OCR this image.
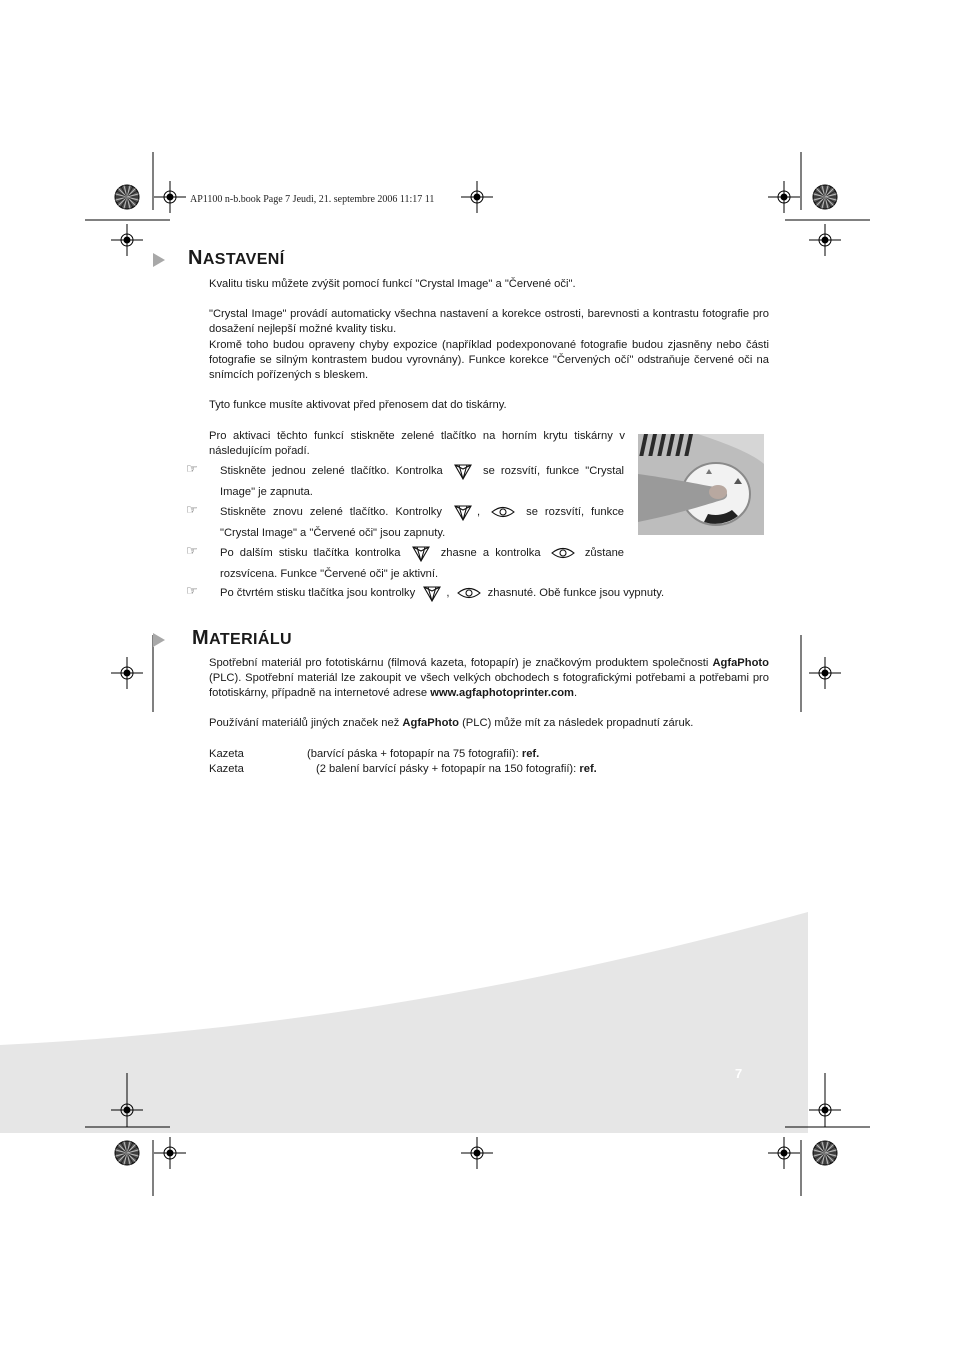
AP1100 n-b.book Page 7 Jeudi, 21. septembre 2006 11:17 11
NASTAVENÍ
Kvalitu tisku můžete zvýšit pomocí funkcí "Crystal Image" a "Červené oči".
"Crystal Image" provádí automaticky všechna nastavení a korekce ostrosti, barevnosti a kontrastu fotografie pro dosažení nejlepší možné kvality tisku.
Kromě toho budou opraveny chyby expozice (například podexponované fotografie budou zjasněny nebo části fotografie se silným kontrastem budou vyrovnány). Funkce korekce "Červených očí" odstraňuje červené oči na snímcích pořízených s bleskem.
Tyto funkce musíte aktivovat před přenosem dat do tiskárny.
Pro aktivaci těchto funkcí stiskněte zelené tlačítko na horním krytu tiskárny v následujícím pořadí.
☞ Stiskněte jednou zelené tlačítko. Kontrolka	se rozsvítí, funkce "Crystal Image" je zapnuta.
☞ Stiskněte znovu zelené tlačítko. Kontrolky	,	se rozsvítí, funkce "Crystal Image" a "Červené oči" jsou zapnuty.
☞ Po dalším stisku tlačítka kontrolka	zhasne a kontrolka	zůstane rozsvícena. Funkce "Červené oči" je aktivní.
☞ Po čtvrtém stisku tlačítka jsou kontrolky	,	zhasnuté. Obě funkce jsou vypnuty.
MATERIÁLU
Spotřební materiál pro fototiskárnu (filmová kazeta, fotopapír) je značkovým produktem společnosti AgfaPhoto (PLC). Spotřební materiál lze zakoupit ve všech velkých obchodech s fotografickými potřebami a potřebami pro fototiskárny, případně na internetové adrese www.agfaphotoprinter.com.
Používání materiálů jiných značek než AgfaPhoto (PLC) může mít za následek propadnutí záruk.
Kazeta	(barvící páska + fotopapír na 75 fotografií): ref.
Kazeta	(2 balení barvící pásky + fotopapír na 150 fotografií): ref.
7
